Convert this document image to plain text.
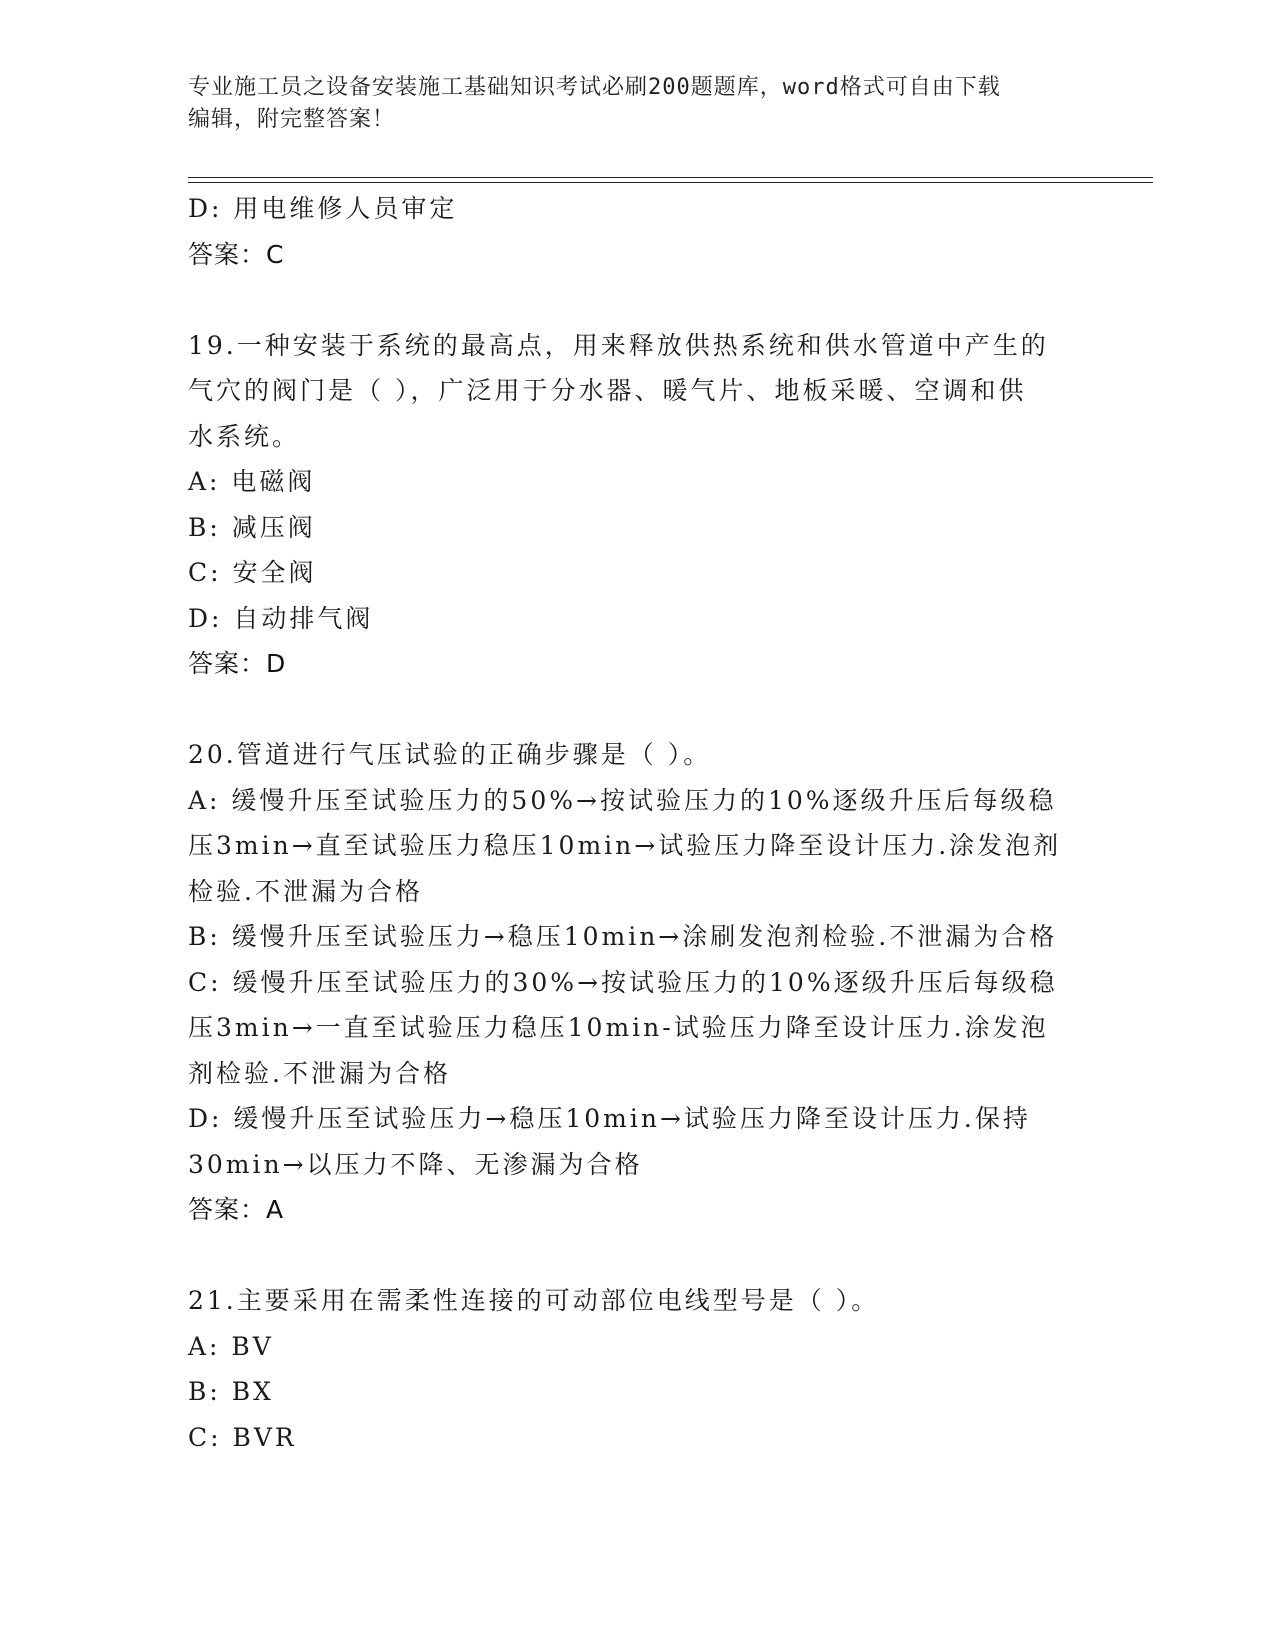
专业施工员之设备安装施工基础知识考试必刷200题题库，word格式可自由下载
编辑，附完整答案！
D: 用电维修人员审定
答案：C
19.一种安装于系统的最高点，用来释放供热系统和供水管道中产生的
气穴的阀门是（ ），广泛用于分水器、暖气片、地板采暖、空调和供
水系统。
A: 电磁阀
B: 减压阀
C: 安全阀
D: 自动排气阀
答案：D
20.管道进行气压试验的正确步骤是（ ）。
A: 缓慢升压至试验压力的50%→按试验压力的10%逐级升压后每级稳
压3min→直至试验压力稳压10min→试验压力降至设计压力.涂发泡剂
检验.不泄漏为合格
B: 缓慢升压至试验压力→稳压10min→涂刷发泡剂检验.不泄漏为合格
C: 缓慢升压至试验压力的30%→按试验压力的10%逐级升压后每级稳
压3min→一直至试验压力稳压10min-试验压力降至设计压力.涂发泡
剂检验.不泄漏为合格
D: 缓慢升压至试验压力→稳压10min→试验压力降至设计压力.保持
30min→以压力不降、无渗漏为合格
答案：A
21.主要采用在需柔性连接的可动部位电线型号是（ ）。
A: BV
B: BX
C: BVR
